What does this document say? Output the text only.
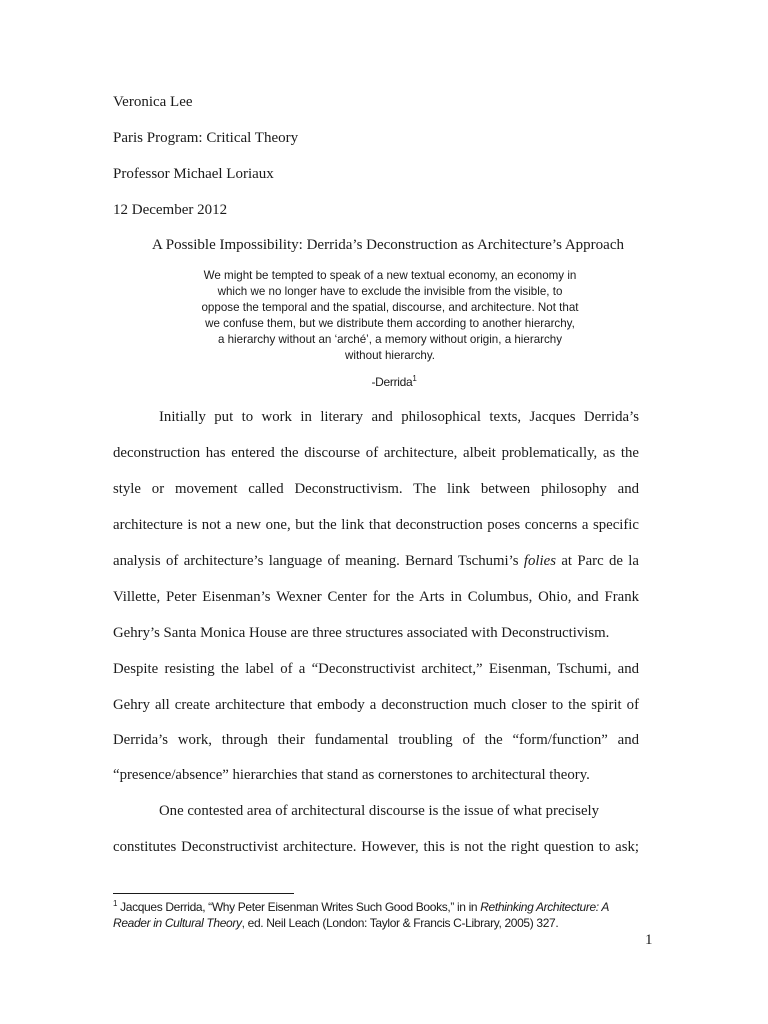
Veronica Lee
Paris Program: Critical Theory
Professor Michael Loriaux
12 December 2012
A Possible Impossibility: Derrida’s Deconstruction as Architecture’s Approach
We might be tempted to speak of a new textual economy, an economy in
which we no longer have to exclude the invisible from the visible, to
oppose the temporal and the spatial, discourse, and architecture. Not that
we confuse them, but we distribute them according to another hierarchy,
a hierarchy without an ‘arché’, a memory without origin, a hierarchy
without hierarchy.
-Derrida$^1$
Initially put to work in literary and philosophical texts, Jacques Derrida’s
deconstruction has entered the discourse of architecture, albeit problematically, as the
style or movement called Deconstructivism. The link between philosophy and
architecture is not a new one, but the link that deconstruction poses concerns a specific
analysis of architecture’s language of meaning. Bernard Tschumi’s folies at Parc de la
Villette, Peter Eisenman’s Wexner Center for the Arts in Columbus, Ohio, and Frank
Gehry’s Santa Monica House are three structures associated with Deconstructivism.
Despite resisting the label of a “Deconstructivist architect,” Eisenman, Tschumi, and
Gehry all create architecture that embody a deconstruction much closer to the spirit of
Derrida’s work, through their fundamental troubling of the “form/function” and
“presence/absence” hierarchies that stand as cornerstones to architectural theory.
One contested area of architectural discourse is the issue of what precisely
constitutes Deconstructivist architecture. However, this is not the right question to ask;
$^1$ Jacques Derrida, “Why Peter Eisenman Writes Such Good Books,” in in Rethinking Architecture: A
Reader in Cultural Theory, ed. Neil Leach (London: Taylor & Francis C-Library, 2005) 327.
1
